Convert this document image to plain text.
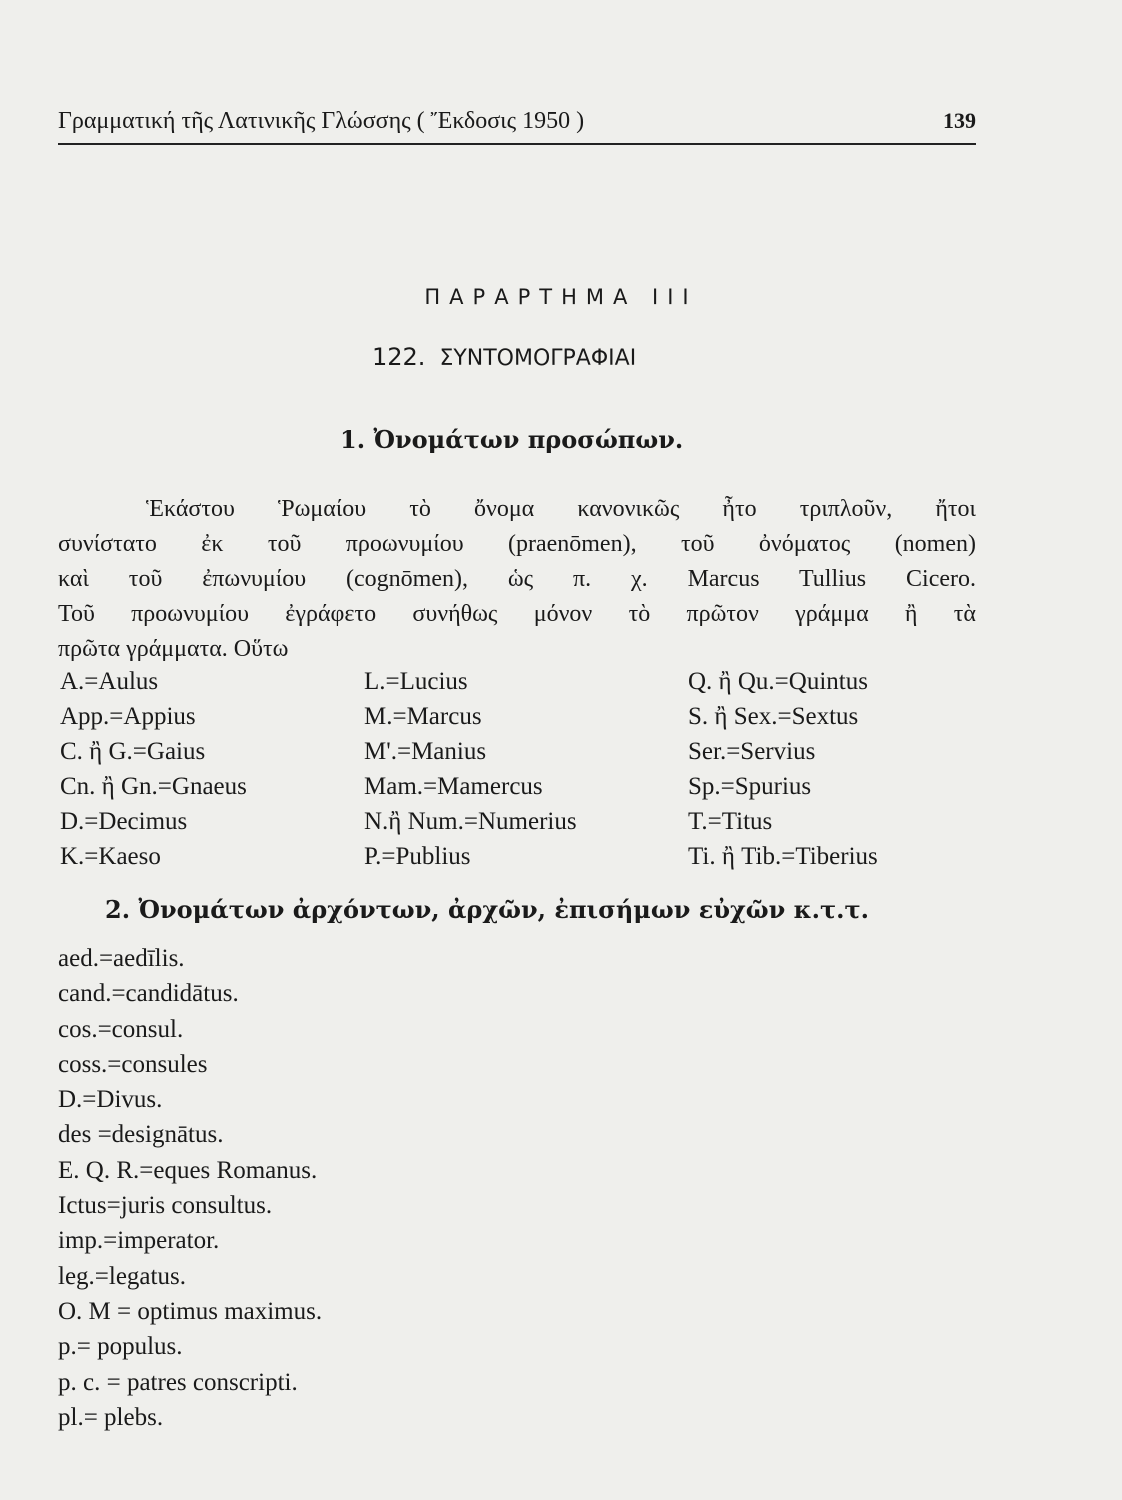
Γραμματική τῆς Λατινικῆς Γλώσσης ( Ἔκδοσις 1950 )	139
ΠΑΡΑΡΤΗΜΑ ΙΙΙ
122. ΣΥΝΤΟΜΟΓΡΑΦΙΑΙ
1. Ὀνομάτων προσώπων.
Ἑκάστου Ῥωμαίου τὸ ὄνομα κανονικῶς ἦτο τριπλοῦν, ἤτοι
συνίστατο ἐκ τοῦ προωνυμίου (praenōmen), τοῦ ὀνόματος (nomen)
καὶ τοῦ ἐπωνυμίου (cognōmen), ὡς π. χ. Marcus Tullius Cicero.
Τοῦ προωνυμίου ἐγράφετο συνήθως μόνον τὸ πρῶτον γράμμα ἢ τὰ
πρῶτα γράμματα. Οὕτω
A.=Aulus
App.=Appius
C. ἢ G.=Gaius
Cn. ἢ Gn.=Gnaeus
D.=Decimus
K.=Kaeso
L.=Lucius
M.=Marcus
M'.=Manius
Mam.=Mamercus
N.ἢ Num.=Numerius
P.=Publius
Q. ἢ Qu.=Quintus
S. ἢ Sex.=Sextus
Ser.=Servius
Sp.=Spurius
T.=Titus
Ti. ἢ Tib.=Tiberius
2. Ὀνομάτων ἀρχόντων, ἀρχῶν, ἐπισήμων εὐχῶν κ.τ.τ.
aed.=aedīlis.
cand.=candidātus.
cos.=consul.
coss.=consules
D.=Divus.
des =designātus.
E. Q. R.=eques Romanus.
Ictus=juris consultus.
imp.=imperator.
leg.=legatus.
O. M = optimus maximus.
p.= populus.
p. c. = patres conscripti.
pl.= plebs.
